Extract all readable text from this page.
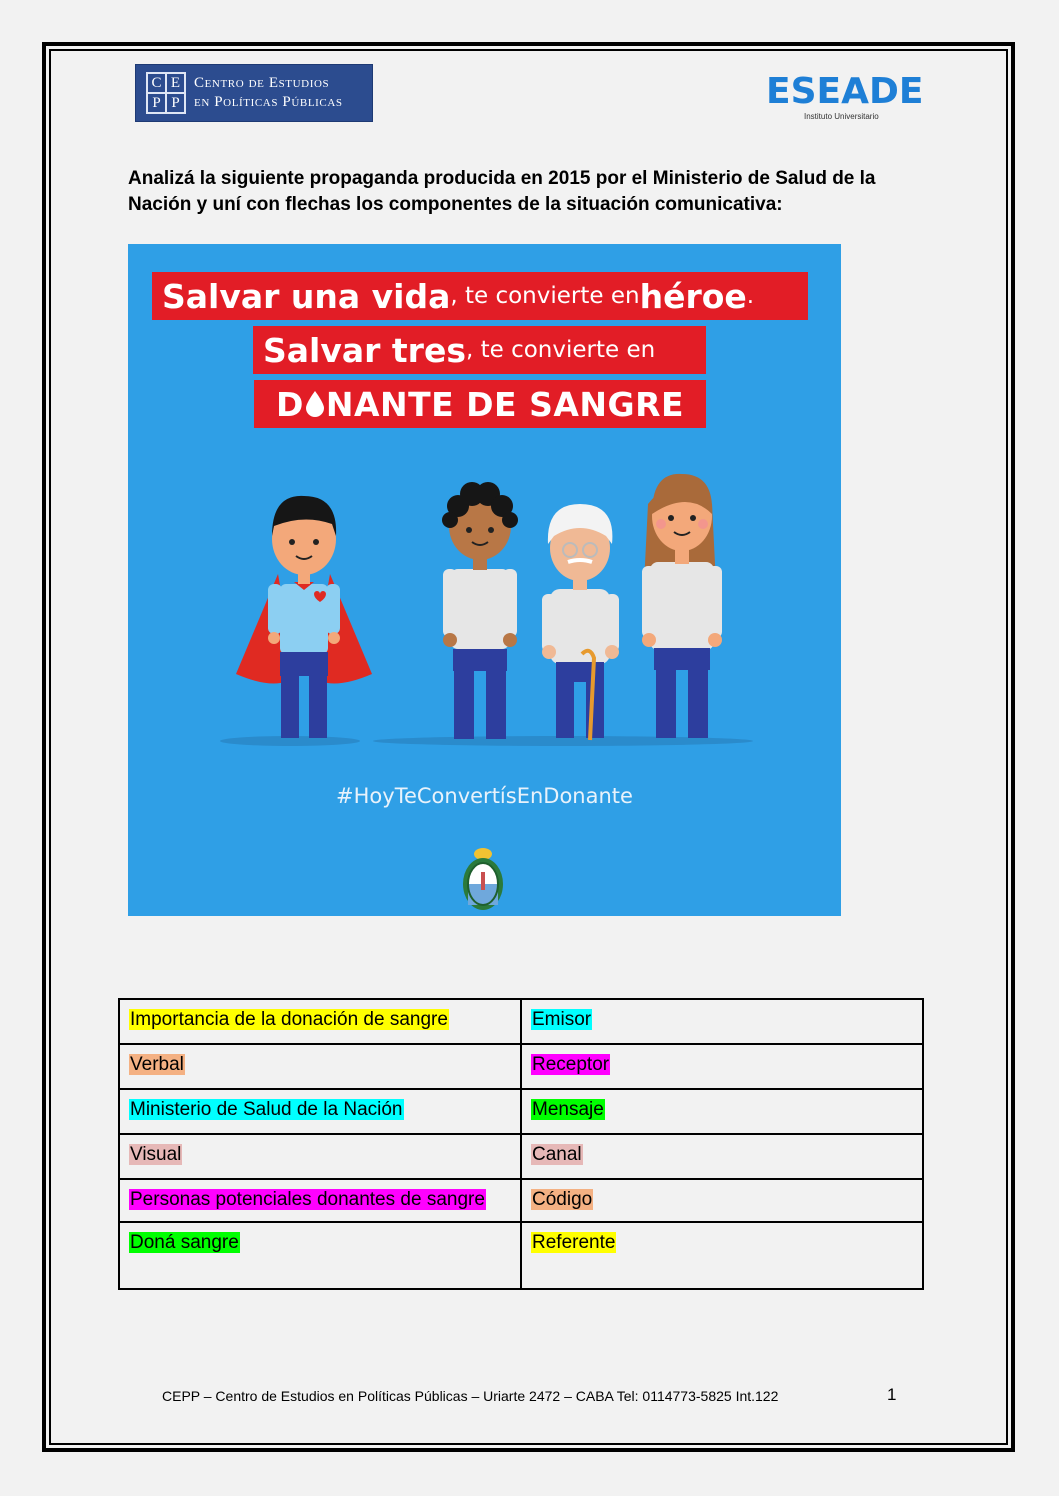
C E
P P
Centro de Estudios
en Políticas Públicas	ESEADE
Instituto Universitario
Analizá la siguiente propaganda producida en 2015 por el Ministerio de Salud de la Nación y uní con flechas los componentes de la situación comunicativa:
Salvar una vida , te convierte en héroe .
Salvar tres , te convierte en
D NANTE DE SANGRE
#HoyTeConvertísEnDonante
Importancia de la donación de sangre	Emisor
Verbal	Receptor
Ministerio de Salud de la Nación	Mensaje
Visual	Canal
Personas potenciales donantes de sangre	Código
Doná sangre	Referente
CEPP – Centro de Estudios en Políticas Públicas – Uriarte 2472 – CABA Tel: 0114773-5825 Int.122	1
